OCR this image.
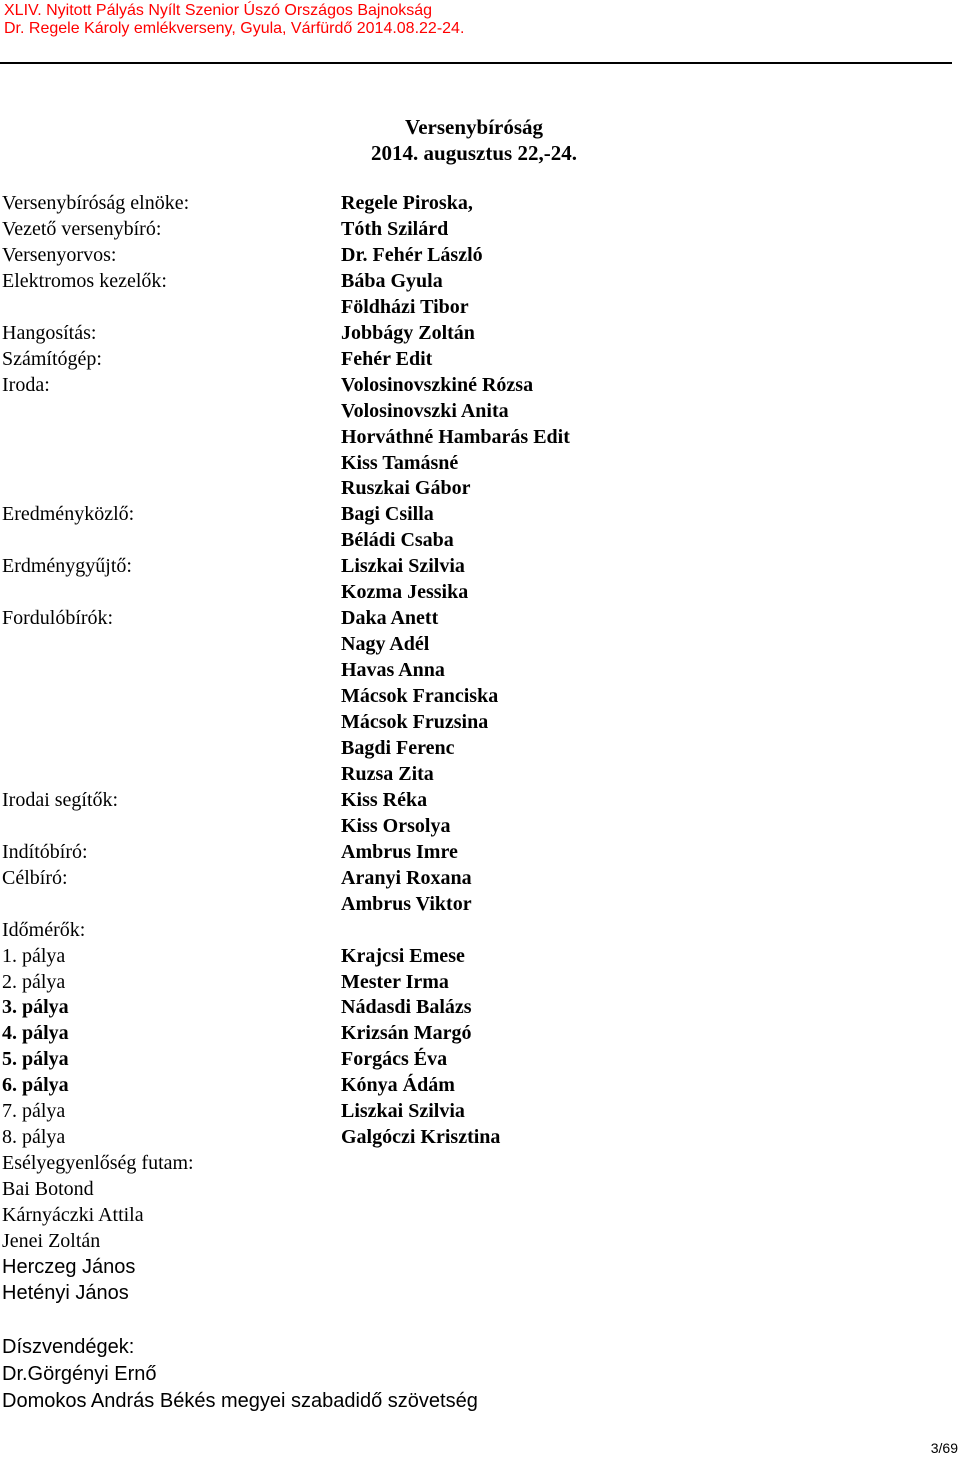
XLIV. Nyitott Pályás Nyílt Szenior Úszó Országos Bajnokság
Dr. Regele Károly emlékverseny, Gyula, Várfürdő 2014.08.22-24.
Versenybíróság
2014. augusztus 22,-24.
Versenybíróság elnöke:	Regele Piroska,
Vezető versenybíró:	Tóth Szilárd
Versenyorvos:	Dr. Fehér László
Elektromos kezelők:	Bába Gyula
Földházi Tibor
Hangosítás:	Jobbágy Zoltán
Számítógép:	Fehér Edit
Iroda:	Volosinovszkiné Rózsa
Volosinovszki Anita
Horváthné Hambarás Edit
Kiss Tamásné
Ruszkai Gábor
Eredményközlő:	Bagi Csilla
Béládi Csaba
Erdménygyűjtő:	Liszkai Szilvia
Kozma Jessika
Fordulóbírók:	Daka Anett
Nagy Adél
Havas Anna
Mácsok Franciska
Mácsok Fruzsina
Bagdi Ferenc
Ruzsa Zita
Irodai segítők:	Kiss Réka
Kiss Orsolya
Indítóbíró:	Ambrus Imre
Célbíró:	Aranyi Roxana
Ambrus Viktor
Időmérők:
1. pálya	Krajcsi Emese
2. pálya	Mester Irma
3. pálya	Nádasdi Balázs
4. pálya	Krizsán Margó
5. pálya	Forgács Éva
6. pálya	Kónya Ádám
7. pálya	Liszkai Szilvia
8. pálya	Galgóczi Krisztina
Esélyegyenlőség futam:
Bai Botond
Kárnyáczki Attila
Jenei Zoltán
Herczeg János
Hetényi János
Díszvendégek:
Dr.Görgényi Ernő
Domokos András Békés megyei szabadidő szövetség
3/69
